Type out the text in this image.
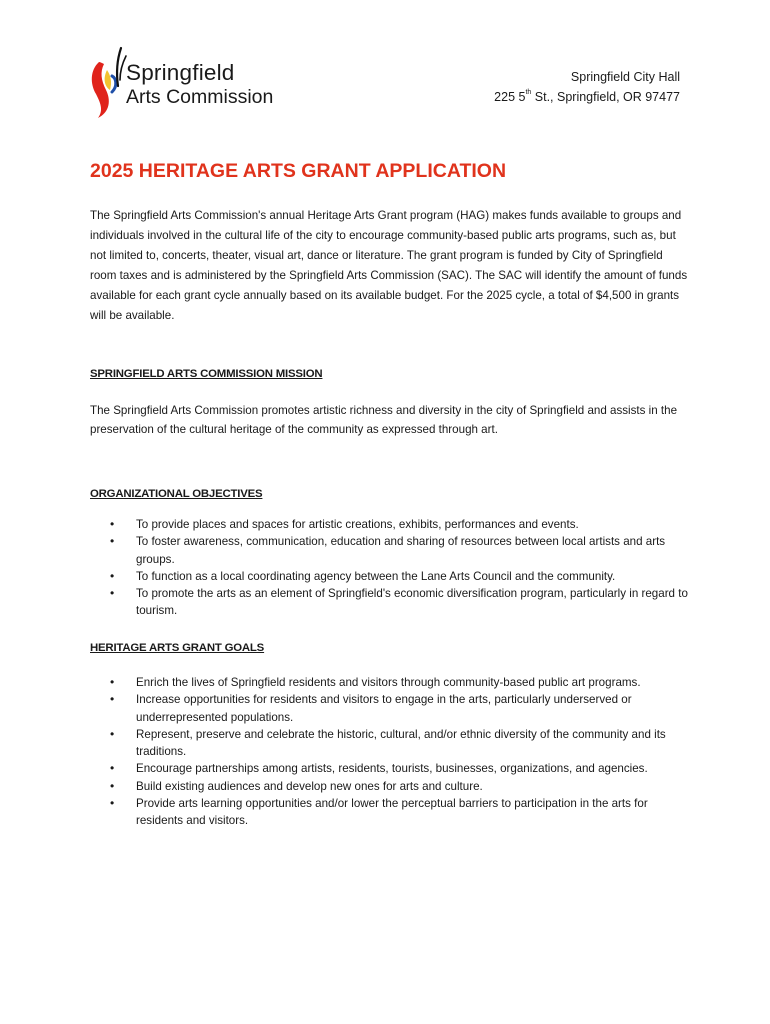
Springfield
Arts Commission
Springfield City Hall
225 5th St., Springfield, OR 97477
2025 HERITAGE ARTS GRANT APPLICATION

The Springfield Arts Commission's annual Heritage Arts Grant program (HAG) makes funds available to groups and individuals involved in the cultural life of the city to encourage community-based public arts programs, such as, but not limited to, concerts, theater, visual art, dance or literature. The grant program is funded by City of Springfield room taxes and is administered by the Springfield Arts Commission (SAC). The SAC will identify the amount of funds available for each grant cycle annually based on its available budget. For the 2025 cycle, a total of $4,500 in grants will be available.

SPRINGFIELD ARTS COMMISSION MISSION

The Springfield Arts Commission promotes artistic richness and diversity in the city of Springfield and assists in the preservation of the cultural heritage of the community as expressed through art.

ORGANIZATIONAL OBJECTIVES
• To provide places and spaces for artistic creations, exhibits, performances and events.
• To foster awareness, communication, education and sharing of resources between local artists and arts groups.
• To function as a local coordinating agency between the Lane Arts Council and the community.
• To promote the arts as an element of Springfield's economic diversification program, particularly in regard to tourism.
HERITAGE ARTS GRANT GOALS
• Enrich the lives of Springfield residents and visitors through community-based public art programs.
• Increase opportunities for residents and visitors to engage in the arts, particularly underserved or underrepresented populations.
• Represent, preserve and celebrate the historic, cultural, and/or ethnic diversity of the community and its traditions.
• Encourage partnerships among artists, residents, tourists, businesses, organizations, and agencies.
• Build existing audiences and develop new ones for arts and culture.
• Provide arts learning opportunities and/or lower the perceptual barriers to participation in the arts for residents and visitors.
